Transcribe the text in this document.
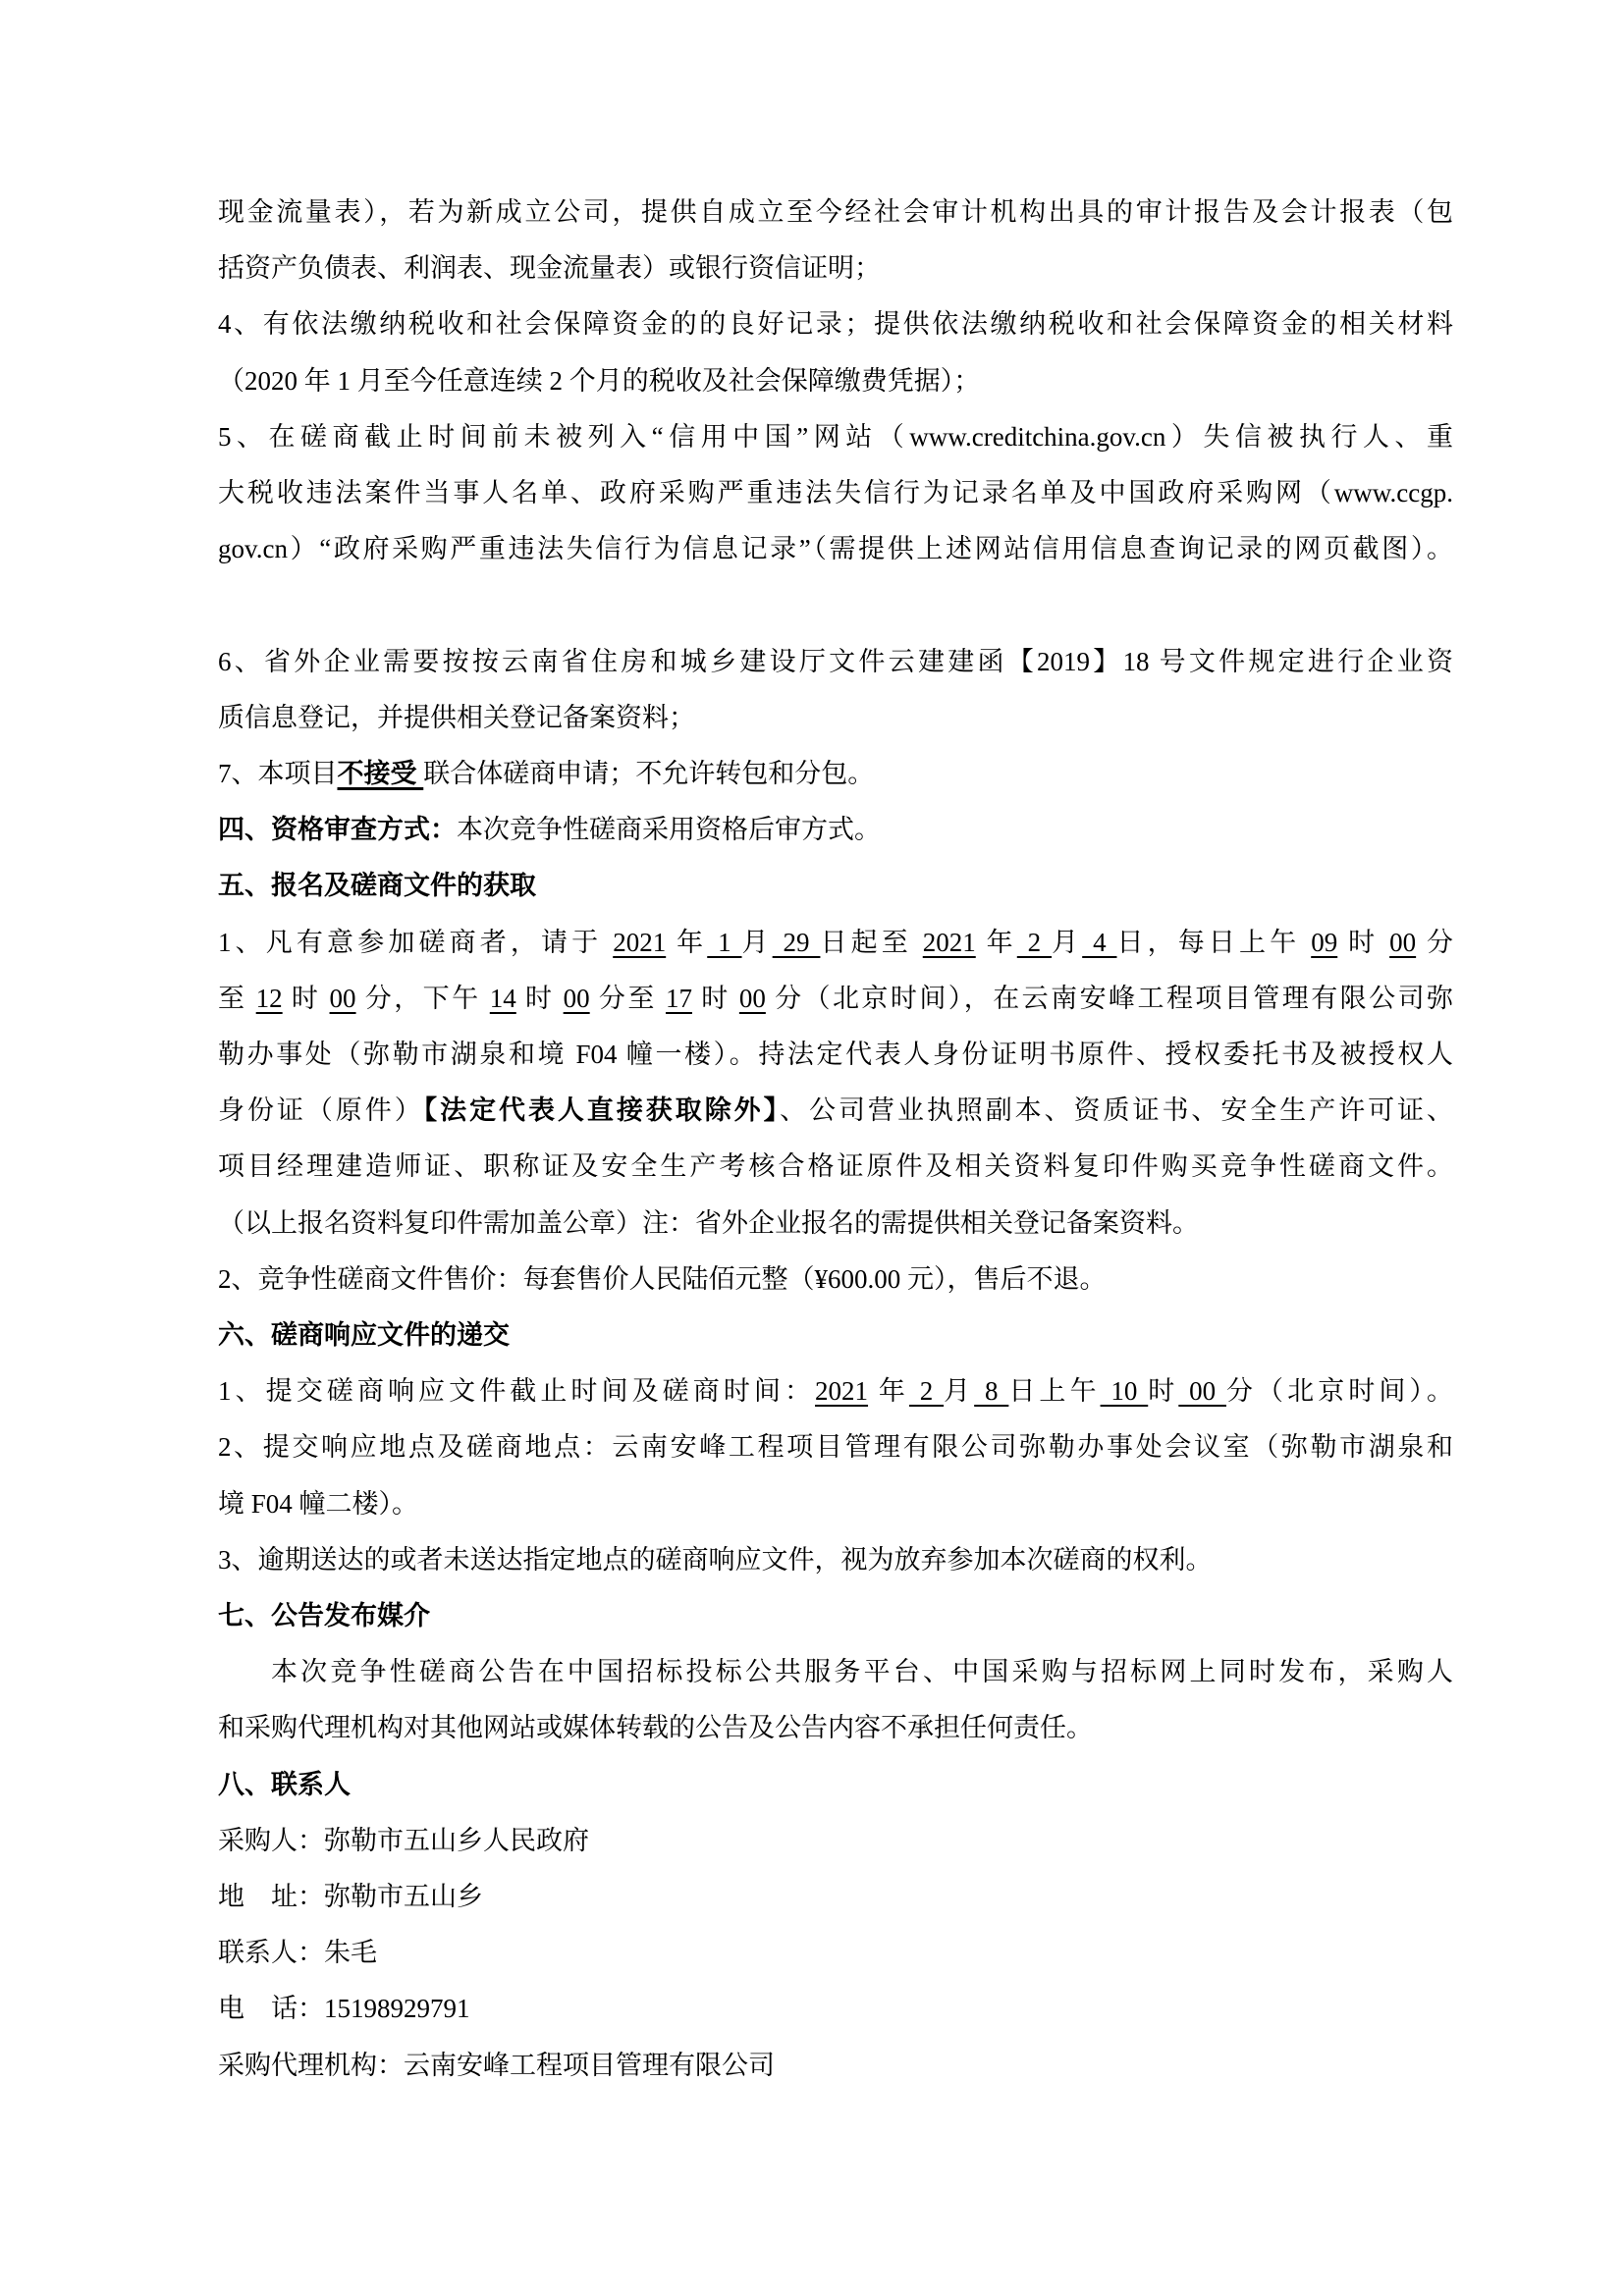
现金流量表），若为新成立公司，提供自成立至今经社会审计机构出具的审计报告及会计报表（包
括资产负债表、利润表、现金流量表）或银行资信证明；
4、有依法缴纳税收和社会保障资金的的良好记录；提供依法缴纳税收和社会保障资金的相关材料
（2020 年 1 月至今任意连续 2 个月的税收及社会保障缴费凭据）；
5、在磋商截止时间前未被列入“信用中国”网站（www.creditchina.gov.cn）失信被执行人、重
大税收违法案件当事人名单、政府采购严重违法失信行为记录名单及中国政府采购网（www.ccgp.
gov.cn）“政府采购严重违法失信行为信息记录”（需提供上述网站信用信息查询记录的网页截图）。
6、省外企业需要按按云南省住房和城乡建设厅文件云建建函【2019】18 号文件规定进行企业资
质信息登记，并提供相关登记备案资料；
7、本项目不接受 联合体磋商申请；不允许转包和分包。
四、资格审查方式：本次竞争性磋商采用资格后审方式。
五、报名及磋商文件的获取
1、凡有意参加磋商者，请于 2021 年 1 月 29 日起至 2021 年 2 月 4 日，每日上午 09 时 00 分
至 12 时 00 分，下午 14 时 00 分至 17 时 00 分（北京时间），在云南安峰工程项目管理有限公司弥
勒办事处（弥勒市湖泉和境 F04 幢一楼）。持法定代表人身份证明书原件、授权委托书及被授权人
身份证（原件）【法定代表人直接获取除外】、公司营业执照副本、资质证书、安全生产许可证、
项目经理建造师证、职称证及安全生产考核合格证原件及相关资料复印件购买竞争性磋商文件。
（以上报名资料复印件需加盖公章）注：省外企业报名的需提供相关登记备案资料。
2、竞争性磋商文件售价：每套售价人民陆佰元整（¥600.00 元），售后不退。
六、磋商响应文件的递交
1、提交磋商响应文件截止时间及磋商时间：2021 年 2 月 8 日上午 10 时 00 分（北京时间）。
2、提交响应地点及磋商地点：云南安峰工程项目管理有限公司弥勒办事处会议室（弥勒市湖泉和
境 F04 幢二楼）。
3、逾期送达的或者未送达指定地点的磋商响应文件，视为放弃参加本次磋商的权利。
七、公告发布媒介
本次竞争性磋商公告在中国招标投标公共服务平台、中国采购与招标网上同时发布，采购人
和采购代理机构对其他网站或媒体转载的公告及公告内容不承担任何责任。
八、联系人
采购人：弥勒市五山乡人民政府
地　址：弥勒市五山乡
联系人：朱毛
电　话：15198929791
采购代理机构：云南安峰工程项目管理有限公司
